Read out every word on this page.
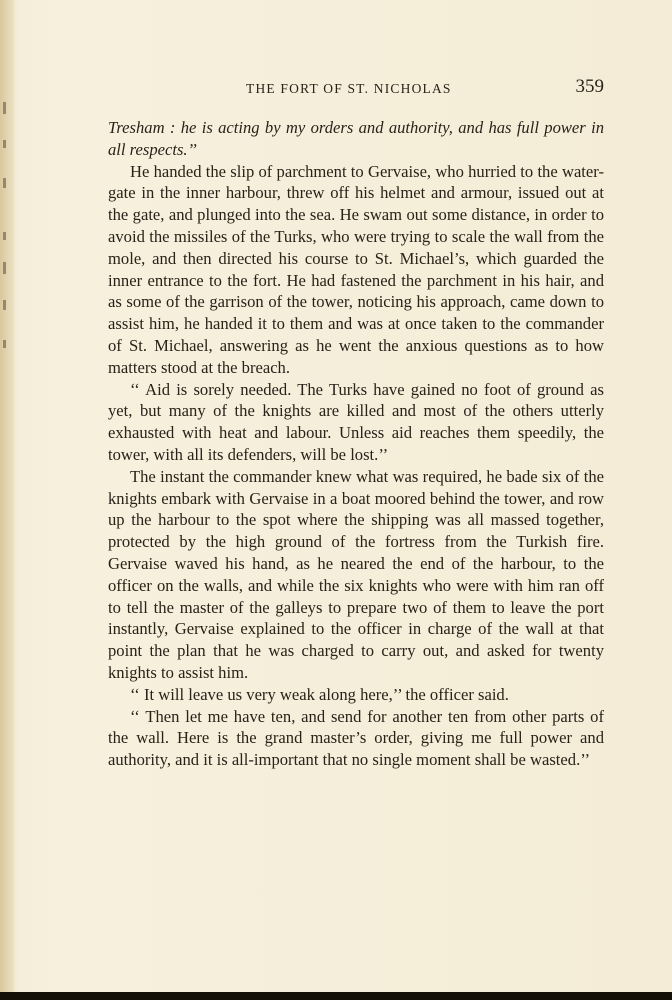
THE FORT OF ST. NICHOLAS	359

Tresham : he is acting by my orders and authority, and has full power in all respects.’’

He handed the slip of parchment to Gervaise, who hurried to the water-gate in the inner harbour, threw off his helmet and armour, issued out at the gate, and plunged into the sea. He swam out some distance, in order to avoid the missiles of the Turks, who were trying to scale the wall from the mole, and then directed his course to St. Michael’s, which guarded the inner entrance to the fort. He had fastened the parchment in his hair, and as some of the garrison of the tower, noticing his approach, came down to assist him, he handed it to them and was at once taken to the commander of St. Michael, answering as he went the anxious questions as to how matters stood at the breach.

‘‘ Aid is sorely needed. The Turks have gained no foot of ground as yet, but many of the knights are killed and most of the others utterly exhausted with heat and labour. Unless aid reaches them speedily, the tower, with all its defenders, will be lost.’’

The instant the commander knew what was required, he bade six of the knights embark with Gervaise in a boat moored behind the tower, and row up the harbour to the spot where the shipping was all massed together, protected by the high ground of the fortress from the Turkish fire. Gervaise waved his hand, as he neared the end of the harbour, to the officer on the walls, and while the six knights who were with him ran off to tell the master of the galleys to prepare two of them to leave the port instantly, Gervaise explained to the officer in charge of the wall at that point the plan that he was charged to carry out, and asked for twenty knights to assist him.

‘‘ It will leave us very weak along here,’’ the officer said.

‘‘ Then let me have ten, and send for another ten from other parts of the wall. Here is the grand master’s order, giving me full power and authority, and it is all-important that no single moment shall be wasted.’’
